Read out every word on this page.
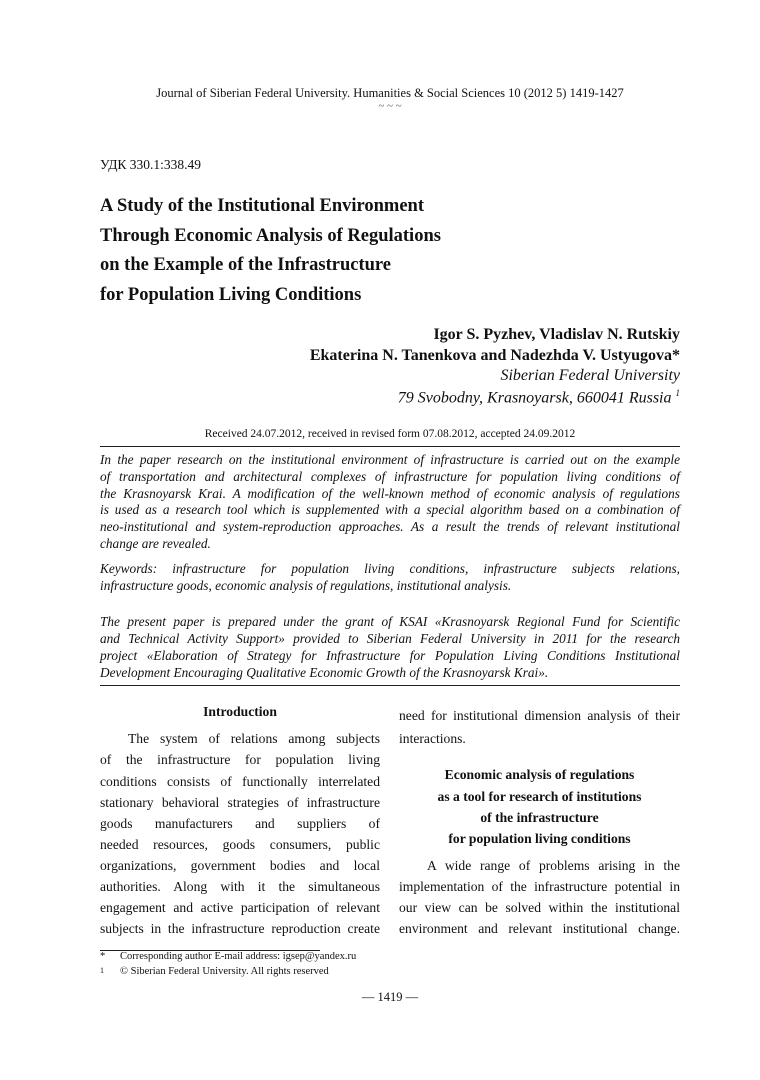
Journal of Siberian Federal University. Humanities & Social Sciences 10 (2012 5) 1419-1427
~ ~ ~
УДК 330.1:338.49
A Study of the Institutional Environment
Through Economic Analysis of Regulations
on the Example of the Infrastructure
for Population Living Conditions
Igor S. Pyzhev, Vladislav N. Rutskiy
Ekaterina N. Tanenkova and Nadezhda V. Ustyugova*
Siberian Federal University
79 Svobodny, Krasnoyarsk, 660041 Russia $^1$
Received 24.07.2012, received in revised form 07.08.2012, accepted 24.09.2012
In the paper research on the institutional environment of infrastructure is carried out on the example
of transportation and architectural complexes of infrastructure for population living conditions of
the Krasnoyarsk Krai. A modification of the well-known method of economic analysis of regulations
is used as a research tool which is supplemented with a special algorithm based on a combination of
neo-institutional and system-reproduction approaches. As a result the trends of relevant institutional
change are revealed.
Keywords: infrastructure for population living conditions, infrastructure subjects relations,
infrastructure goods, economic analysis of regulations, institutional analysis.
The present paper is prepared under the grant of KSAI «Krasnoyarsk Regional Fund for Scientific
and Technical Activity Support» provided to Siberian Federal University in 2011 for the research
project «Elaboration of Strategy for Infrastructure for Population Living Conditions Institutional
Development Encouraging Qualitative Economic Growth of the Krasnoyarsk Krai».
Introduction
The system of relations among subjects
of the infrastructure for population living
conditions consists of functionally interrelated
stationary behavioral strategies of infrastructure
goods manufacturers and suppliers of
needed resources, goods consumers, public
organizations, government bodies and local
authorities. Along with it the simultaneous
engagement and active participation of relevant
subjects in the infrastructure reproduction create
need for institutional dimension analysis of their
interactions.
Economic analysis of regulations
as a tool for research of institutions
of the infrastructure
for population living conditions
A wide range of problems arising in the
implementation of the infrastructure potential in
our view can be solved within the institutional
environment and relevant institutional change.
* Corresponding author E-mail address: igsep@yandex.ru
1 © Siberian Federal University. All rights reserved
— 1419 —
